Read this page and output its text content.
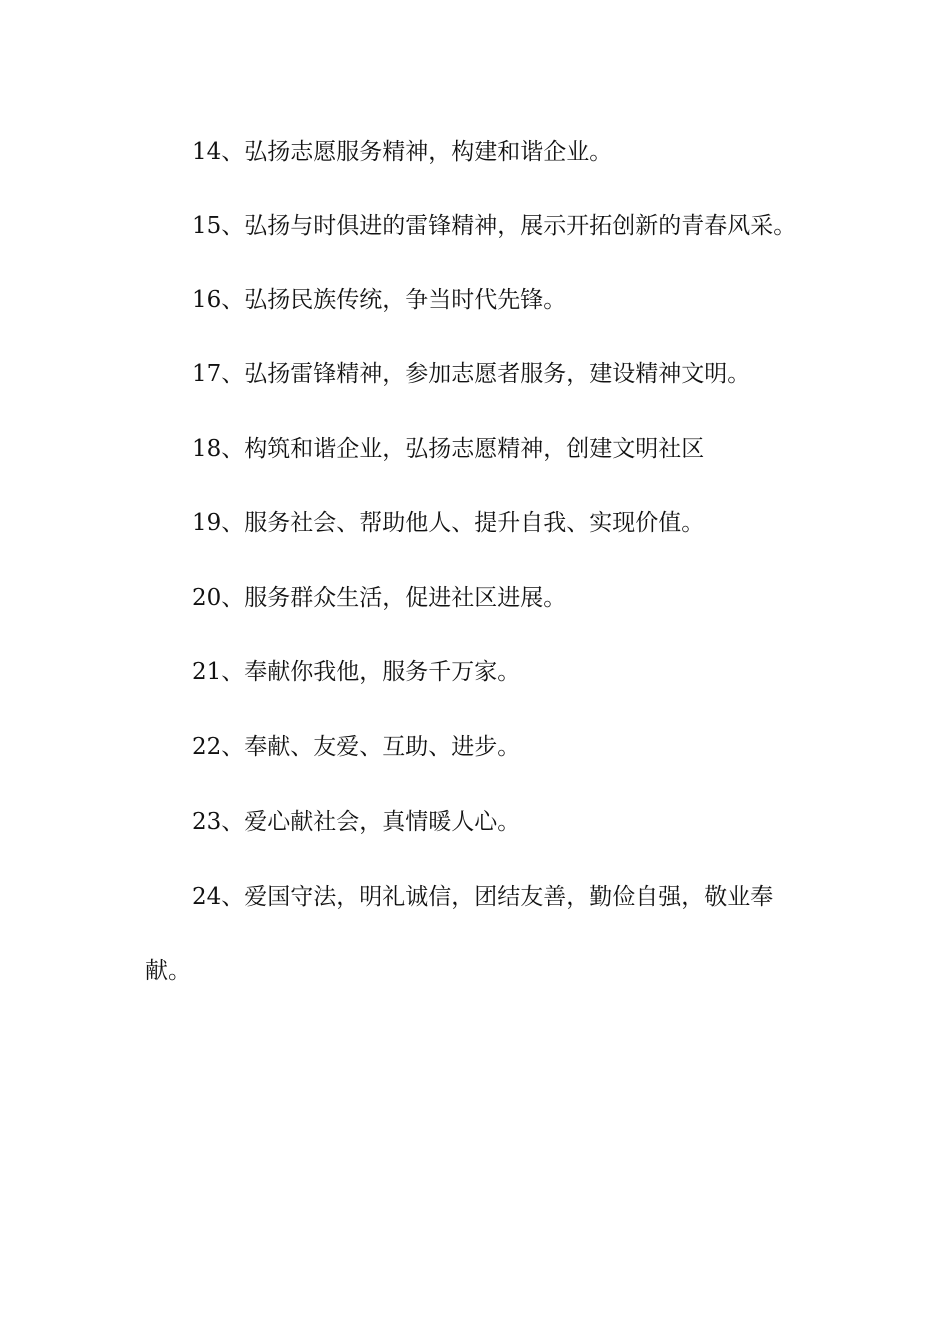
14、弘扬志愿服务精神，构建和谐企业。
15、弘扬与时俱进的雷锋精神，展示开拓创新的青春风采。
16、弘扬民族传统，争当时代先锋。
17、弘扬雷锋精神，参加志愿者服务，建设精神文明。
18、构筑和谐企业，弘扬志愿精神，创建文明社区
19、服务社会、帮助他人、提升自我、实现价值。
20、服务群众生活，促进社区进展。
21、奉献你我他，服务千万家。
22、奉献、友爱、互助、进步。
23、爱心献社会，真情暖人心。
24、爱国守法，明礼诚信，团结友善，勤俭自强，敬业奉
献。
